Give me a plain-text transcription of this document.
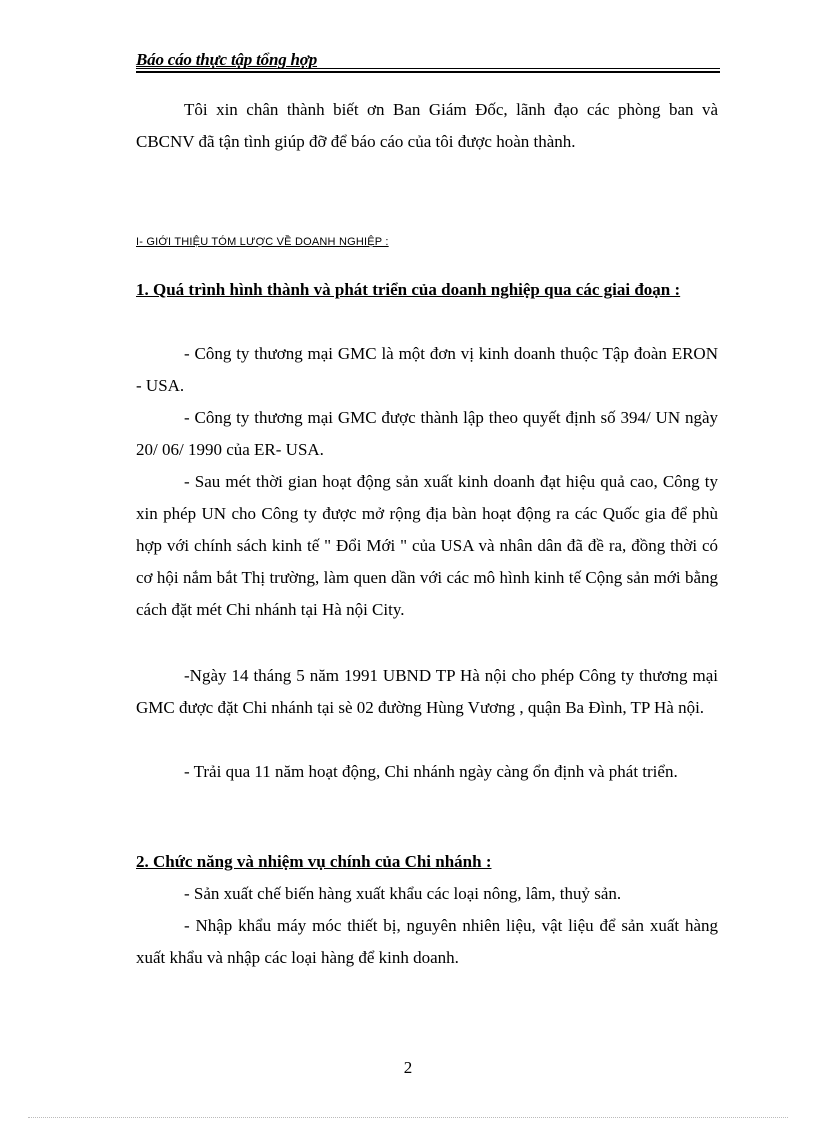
Báo cáo thực tập tổng hợp

Tôi xin chân thành biết ơn Ban Giám Đốc, lãnh đạo các phòng ban và CBCNV đã tận tình giúp đỡ để báo cáo của tôi được hoàn thành.

I- GIỚI THIỆU TÓM LƯỢC VỀ DOANH NGHIỆP :
1. Quá trình hình thành và phát triển của doanh nghiệp qua các giai đoạn :

- Công ty thương mại GMC là một đơn vị kinh doanh thuộc Tập đoàn ERON - USA.

- Công ty thương mại GMC được thành lập theo quyết định số 394/ UN ngày 20/ 06/ 1990 của ER- USA.

- Sau mét thời gian hoạt động sản xuất kinh doanh đạt hiệu quả cao, Công ty xin phép UN cho Công ty được mở rộng địa bàn hoạt động ra các Quốc gia để phù hợp với chính sách kinh tế " Đổi Mới " của USA và nhân dân đã đề ra, đồng thời có cơ hội nắm bắt Thị trường, làm quen dần với các mô hình kinh tế Cộng sản mới bằng cách đặt mét Chi nhánh tại Hà nội City.

-Ngày 14 tháng 5 năm 1991 UBND TP Hà nội cho phép Công ty thương mại GMC được đặt Chi nhánh tại sè 02 đường Hùng Vương , quận Ba Đình, TP Hà nội.

- Trải qua 11 năm hoạt động, Chi nhánh ngày càng ổn định và phát triển.

2. Chức năng và nhiệm vụ chính của Chi nhánh :

- Sản xuất chế biến hàng xuất khẩu các loại nông, lâm, thuỷ sản.

- Nhập khẩu máy móc thiết bị, nguyên nhiên liệu, vật liệu để sản xuất hàng xuất khẩu và nhập các loại hàng để kinh doanh.

2
